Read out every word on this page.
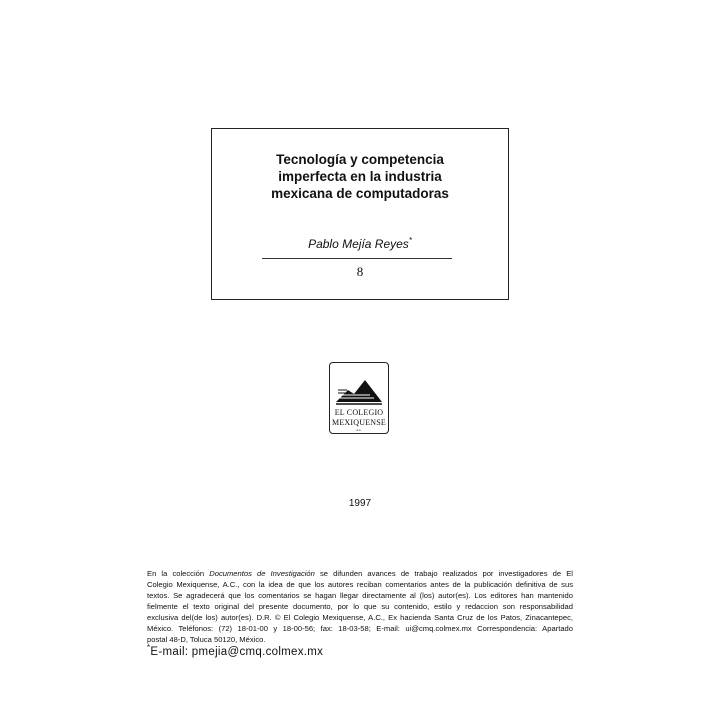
Tecnología y competencia
imperfecta en la industria
mexicana de computadoras
Pablo Mejía Reyes*
8
EL COLEGIO
MEXIQUENSE
A.C.
1997
En la colección Documentos de Investigación se difunden avances de trabajo realizados por investigadores de El
Colegio Mexiquense, A.C., con la idea de que los autores reciban comentarios antes de la publicación definitiva de sus
textos. Se agradecerá que los comentarios se hagan llegar directamente al (los) autor(es). Los editores han mantenido
fielmente el texto original del presente documento, por lo que su contenido, estilo y redaccion son responsabilidad
exclusiva del(de los) autor(es). D.R. © El Colegio Mexiquense, A.C., Ex hacienda Santa Cruz de los Patos, Zinacantepec,
México. Teléfonos: (72) 18-01-00 y 18-00-56; fax: 18-03-58; E-mail: ui@cmq.colmex.mx Correspondencia: Apartado
postal 48-D, Toluca 50120, México.
*E-mail: pmejia@cmq.colmex.mx
